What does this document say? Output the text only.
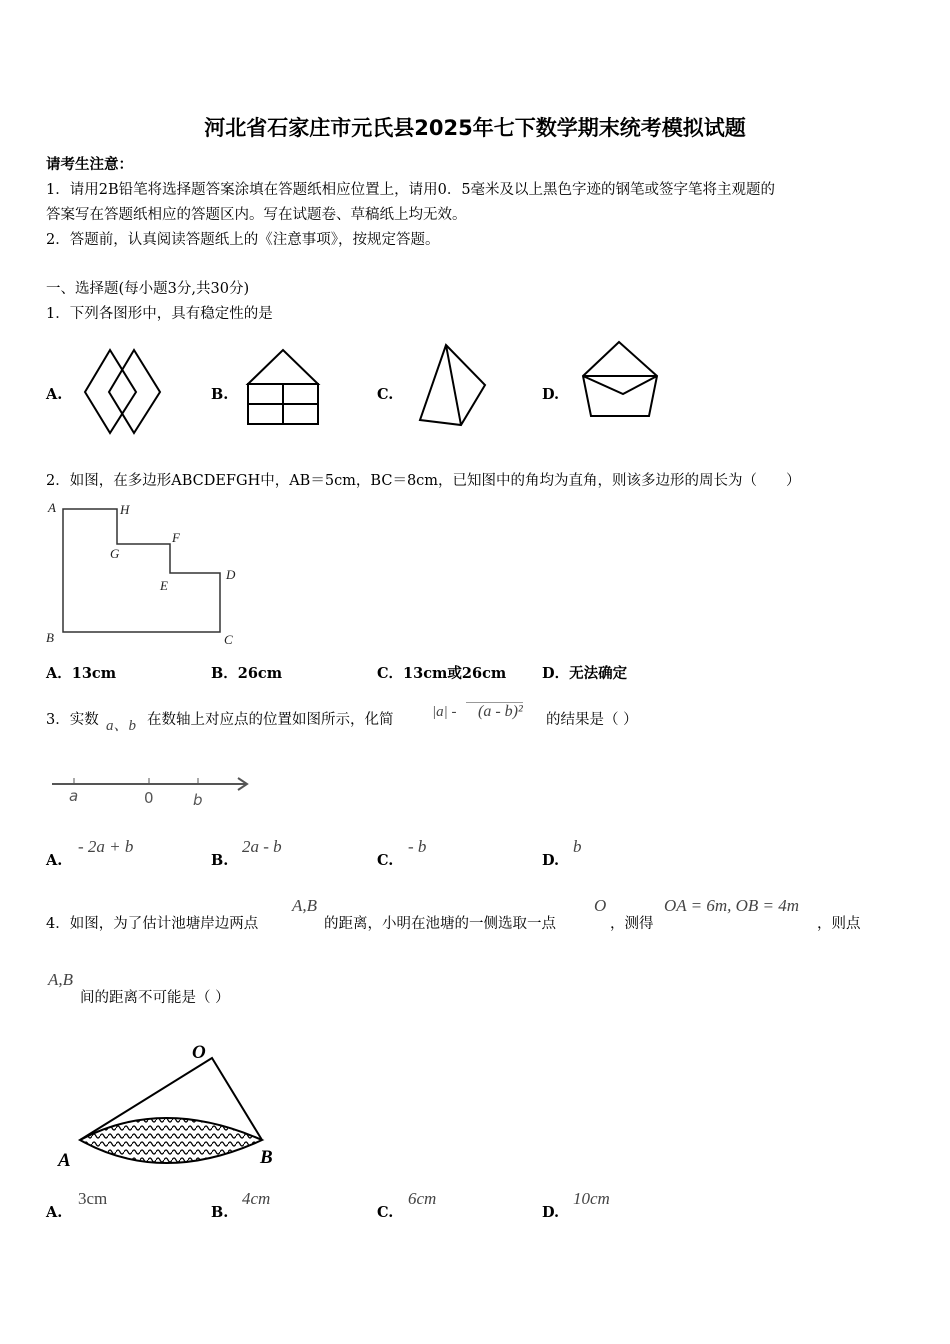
河北省石家庄市元氏县2025年七下数学期末统考模拟试题
请考生注意：
1．请用2B铅笔将选择题答案涂填在答题纸相应位置上，请用0．5毫米及以上黑色字迹的钢笔或签字笔将主观题的
答案写在答题纸相应的答题区内。写在试题卷、草稿纸上均无效。
2．答题前，认真阅读答题纸上的《注意事项》，按规定答题。
一、选择题(每小题3分,共30分)
1．下列各图形中，具有稳定性的是
A.	B.	C.	D.
2．如图，在多边形ABCDEFGH中，AB＝5cm，BC＝8cm，已知图中的角均为直角，则该多边形的周长为（　　）
A	H
G
F
E
D
B	C
A．13cm	B．26cm	C．13cm或26cm D．无法确定
3．实数 a、b 在数轴上对应点的位置如图所示，化简	|a| -	(a - b)² 的结果是（ ）
a	0	b
A.
- 2a + b
B.
2a - b
C.
- b
D.
b
4．如图，为了估计池塘岸边两点
A,B
的距离，小明在池塘的一侧选取一点
O
，测得
OA = 6m, OB = 4m
，则点
A,B
间的距离不可能是（ ）
O
A	B
A.
3cm
B.
4cm
C.
6cm
D.
10cm
